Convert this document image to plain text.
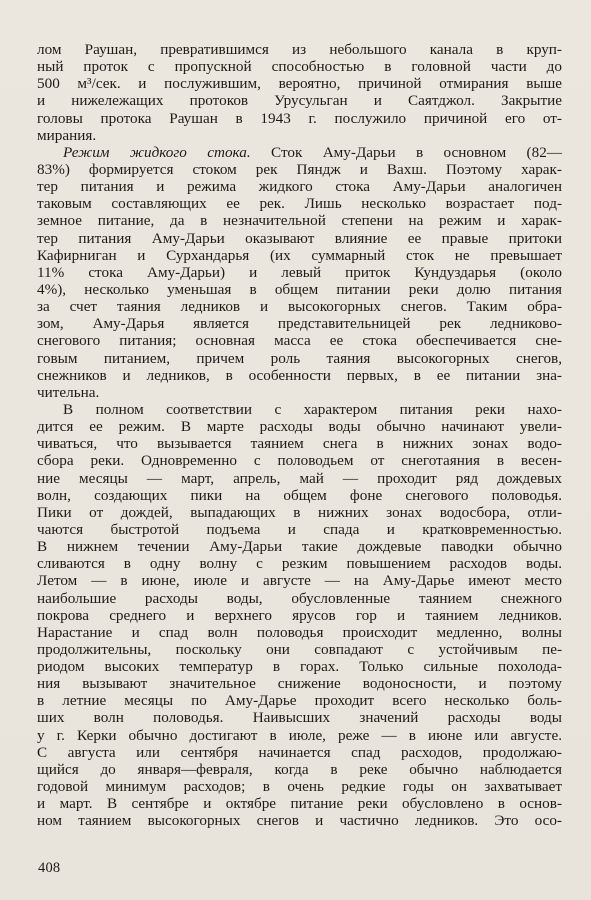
лом Раушан, превратившимся из небольшого канала в круп-
ный проток с пропускной способностью в головной части до
500 м³/сек. и послужившим, вероятно, причиной отмирания выше
и нижележащих протоков Урусульган и Саятджол. Закрытие
головы протока Раушан в 1943 г. послужило причиной его от-
мирания.
Режим жидкого стока. Сток Аму-Дарьи в основном (82—
83%) формируется стоком рек Пяндж и Вахш. Поэтому харак-
тер питания и режима жидкого стока Аму-Дарьи аналогичен
таковым составляющих ее рек. Лишь несколько возрастает под-
земное питание, да в незначительной степени на режим и харак-
тер питания Аму-Дарьи оказывают влияние ее правые притоки
Кафирниган и Сурхандарья (их суммарный сток не превышает
11% стока Аму-Дарьи) и левый приток Кундуздарья (около
4%), несколько уменьшая в общем питании реки долю питания
за счет таяния ледников и высокогорных снегов. Таким обра-
зом, Аму-Дарья является представительницей рек ледниково-
снегового питания; основная масса ее стока обеспечивается сне-
говым питанием, причем роль таяния высокогорных снегов,
снежников и ледников, в особенности первых, в ее питании зна-
чительна.
В полном соответствии с характером питания реки нахо-
дится ее режим. В марте расходы воды обычно начинают увели-
чиваться, что вызывается таянием снега в нижних зонах водо-
сбора реки. Одновременно с половодьем от снеготаяния в весен-
ние месяцы — март, апрель, май — проходит ряд дождевых
волн, создающих пики на общем фоне снегового половодья.
Пики от дождей, выпадающих в нижних зонах водосбора, отли-
чаются быстротой подъема и спада и кратковременностью.
В нижнем течении Аму-Дарьи такие дождевые паводки обычно
сливаются в одну волну с резким повышением расходов воды.
Летом — в июне, июле и августе — на Аму-Дарье имеют место
наибольшие расходы воды, обусловленные таянием снежного
покрова среднего и верхнего ярусов гор и таянием ледников.
Нарастание и спад волн половодья происходит медленно, волны
продолжительны, поскольку они совпадают с устойчивым пе-
риодом высоких температур в горах. Только сильные похолода-
ния вызывают значительное снижение водоносности, и поэтому
в летние месяцы по Аму-Дарье проходит всего несколько боль-
ших волн половодья. Наивысших значений расходы воды
у г. Керки обычно достигают в июле, реже — в июне или августе.
С августа или сентября начинается спад расходов, продолжаю-
щийся до января—февраля, когда в реке обычно наблюдается
годовой минимум расходов; в очень редкие годы он захватывает
и март. В сентябре и октябре питание реки обусловлено в основ-
ном таянием высокогорных снегов и частично ледников. Это осо-
408
